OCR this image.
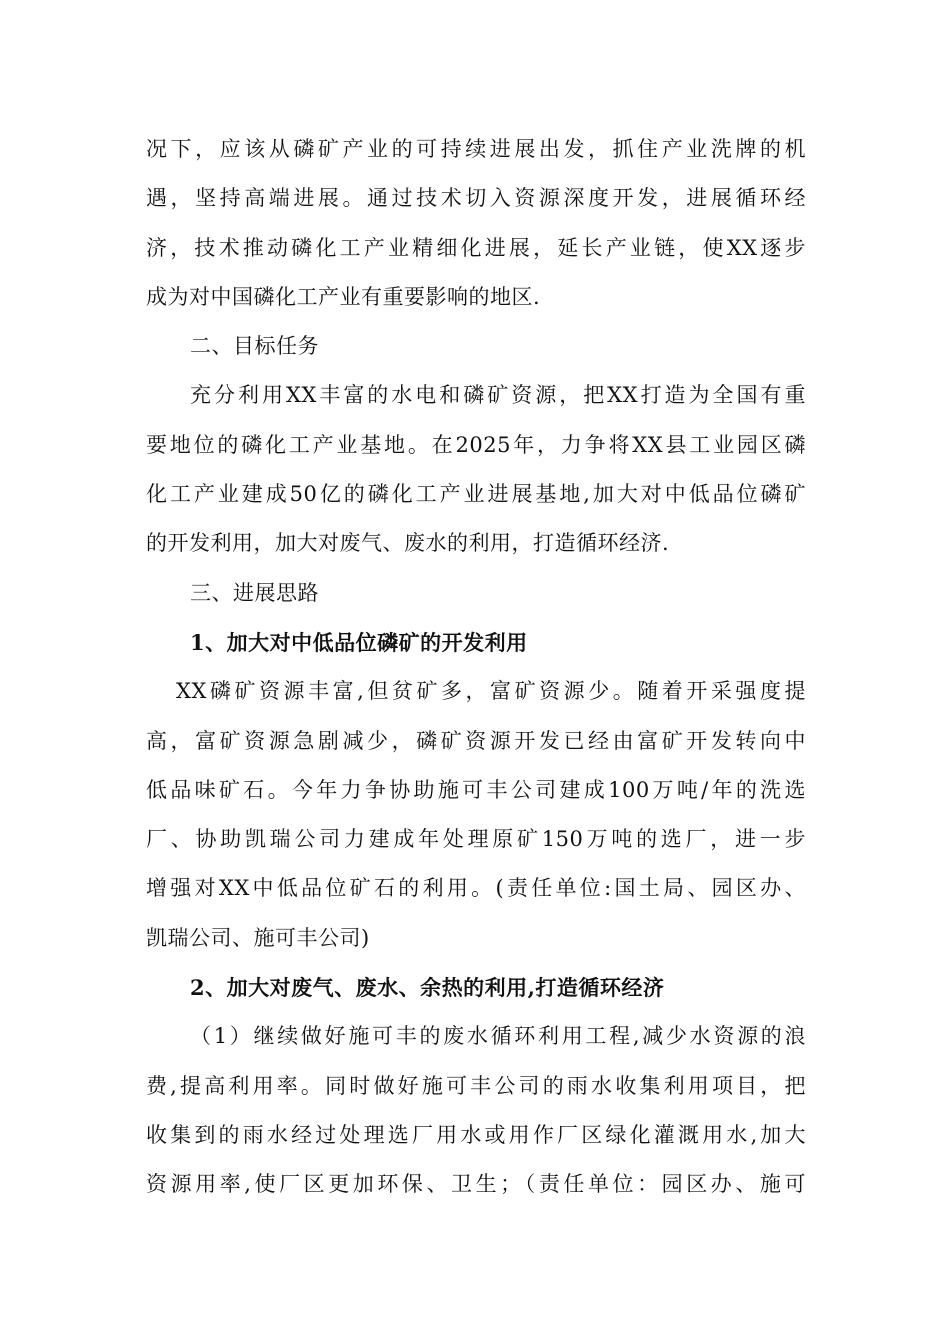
况下，应该从磷矿产业的可持续进展出发，抓住产业洗牌的机
遇，坚持高端进展。通过技术切入资源深度开发，进展循环经
济，技术推动磷化工产业精细化进展，延长产业链，使XX逐步
成为对中国磷化工产业有重要影响的地区.
二、目标任务
充分利用XX丰富的水电和磷矿资源，把XX打造为全国有重
要地位的磷化工产业基地。在2025年，力争将XX县工业园区磷
化工产业建成50亿的磷化工产业进展基地,加大对中低品位磷矿
的开发利用，加大对废气、废水的利用，打造循环经济.
三、进展思路
1、加大对中低品位磷矿的开发利用
XX磷矿资源丰富,但贫矿多，富矿资源少。随着开采强度提
高，富矿资源急剧减少，磷矿资源开发已经由富矿开发转向中
低品味矿石。今年力争协助施可丰公司建成100万吨/年的洗选
厂、协助凯瑞公司力建成年处理原矿150万吨的选厂，进一步
增强对XX中低品位矿石的利用。(责任单位:国土局、园区办、
凯瑞公司、施可丰公司)
2、加大对废气、废水、余热的利用,打造循环经济
（1）继续做好施可丰的废水循环利用工程,减少水资源的浪
费,提高利用率。同时做好施可丰公司的雨水收集利用项目，把
收集到的雨水经过处理选厂用水或用作厂区绿化灌溉用水,加大
资源用率,使厂区更加环保、卫生；（责任单位：园区办、施可
